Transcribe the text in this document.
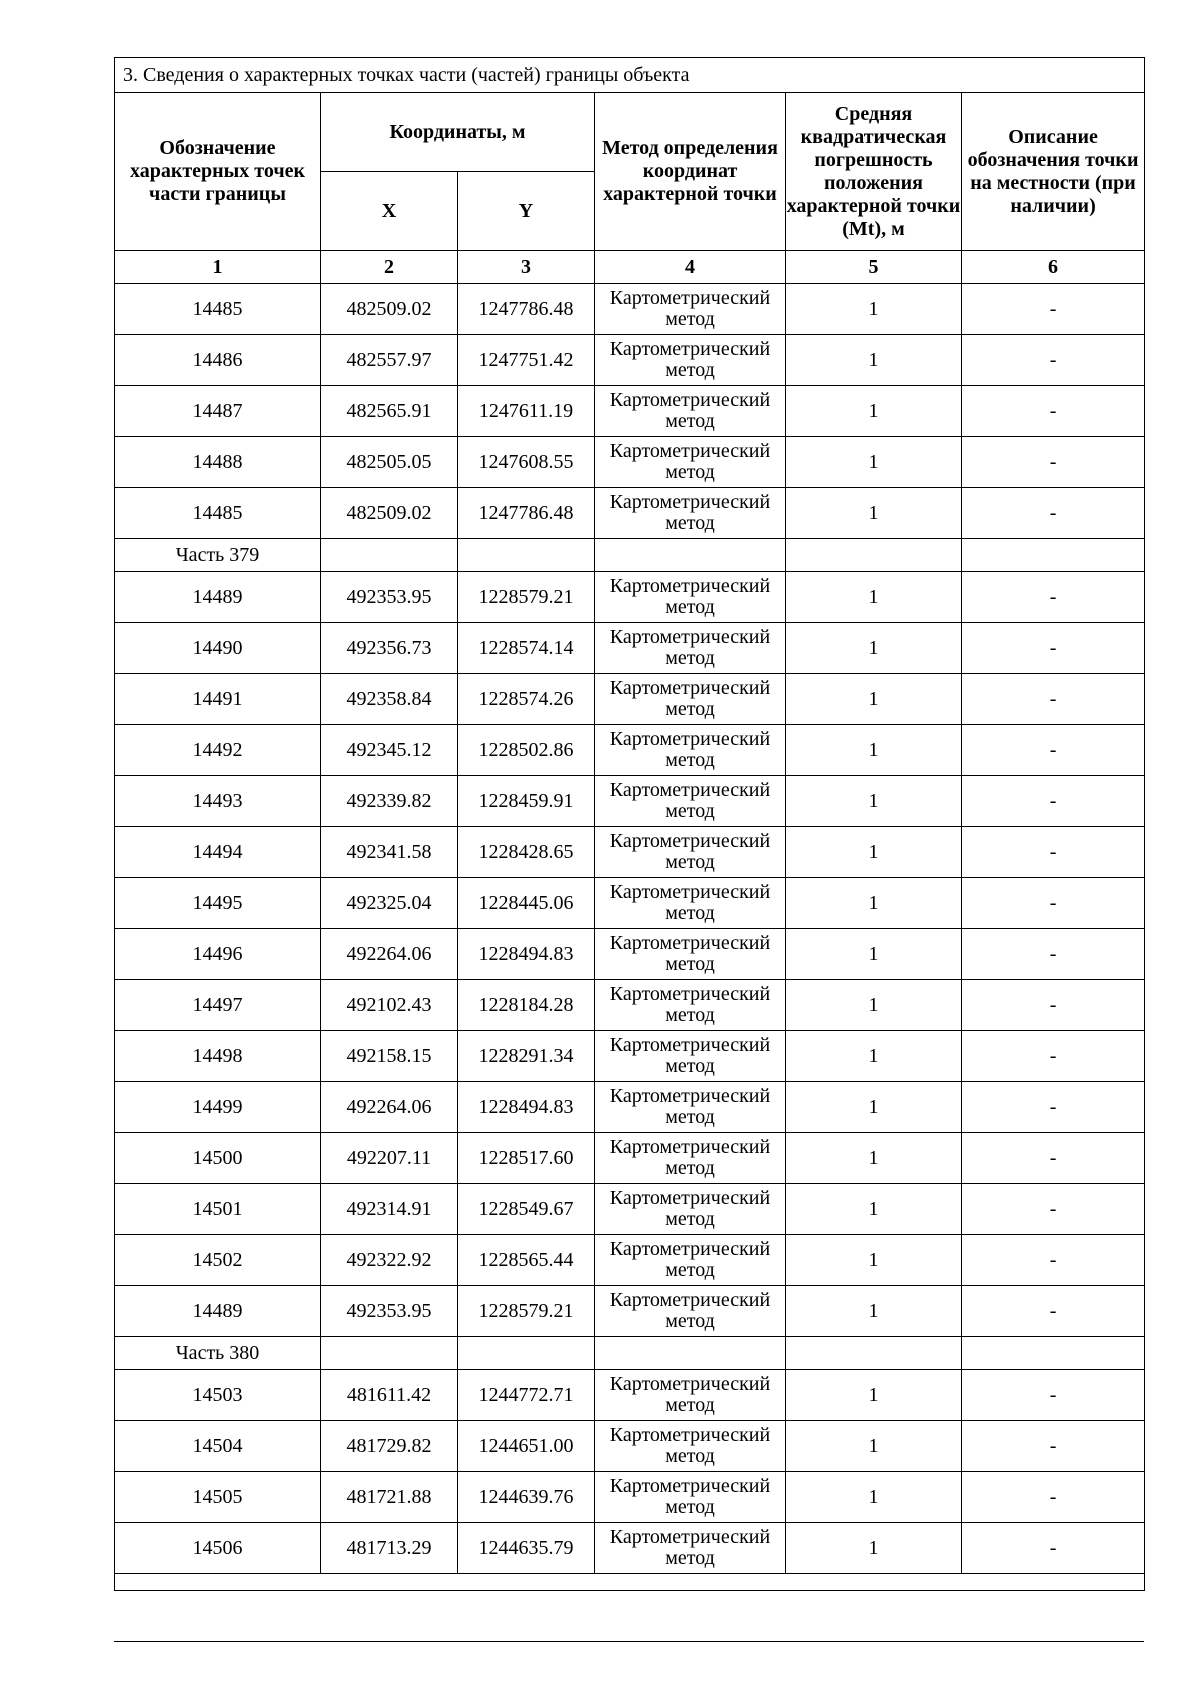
3. Сведения о характерных точках части (частей) границы объекта					
Обозначение характерных точек части границы	Координаты, м		Метод определения координат характерной точки	Средняя квадратическая погрешность положения характерной точки (Mt), м	Описание обозначения точки на местности (при наличии)
	X	Y			
1	2	3	4	5	6
14485	482509.02	1247786.48	Картометрический метод	1	-
14486	482557.97	1247751.42	Картометрический метод	1	-
14487	482565.91	1247611.19	Картометрический метод	1	-
14488	482505.05	1247608.55	Картометрический метод	1	-
14485	482509.02	1247786.48	Картометрический метод	1	-
Часть 379					
14489	492353.95	1228579.21	Картометрический метод	1	-
14490	492356.73	1228574.14	Картометрический метод	1	-
14491	492358.84	1228574.26	Картометрический метод	1	-
14492	492345.12	1228502.86	Картометрический метод	1	-
14493	492339.82	1228459.91	Картометрический метод	1	-
14494	492341.58	1228428.65	Картометрический метод	1	-
14495	492325.04	1228445.06	Картометрический метод	1	-
14496	492264.06	1228494.83	Картометрический метод	1	-
14497	492102.43	1228184.28	Картометрический метод	1	-
14498	492158.15	1228291.34	Картометрический метод	1	-
14499	492264.06	1228494.83	Картометрический метод	1	-
14500	492207.11	1228517.60	Картометрический метод	1	-
14501	492314.91	1228549.67	Картометрический метод	1	-
14502	492322.92	1228565.44	Картометрический метод	1	-
14489	492353.95	1228579.21	Картометрический метод	1	-
Часть 380					
14503	481611.42	1244772.71	Картометрический метод	1	-
14504	481729.82	1244651.00	Картометрический метод	1	-
14505	481721.88	1244639.76	Картометрический метод	1	-
14506	481713.29	1244635.79	Картометрический метод	1	-
